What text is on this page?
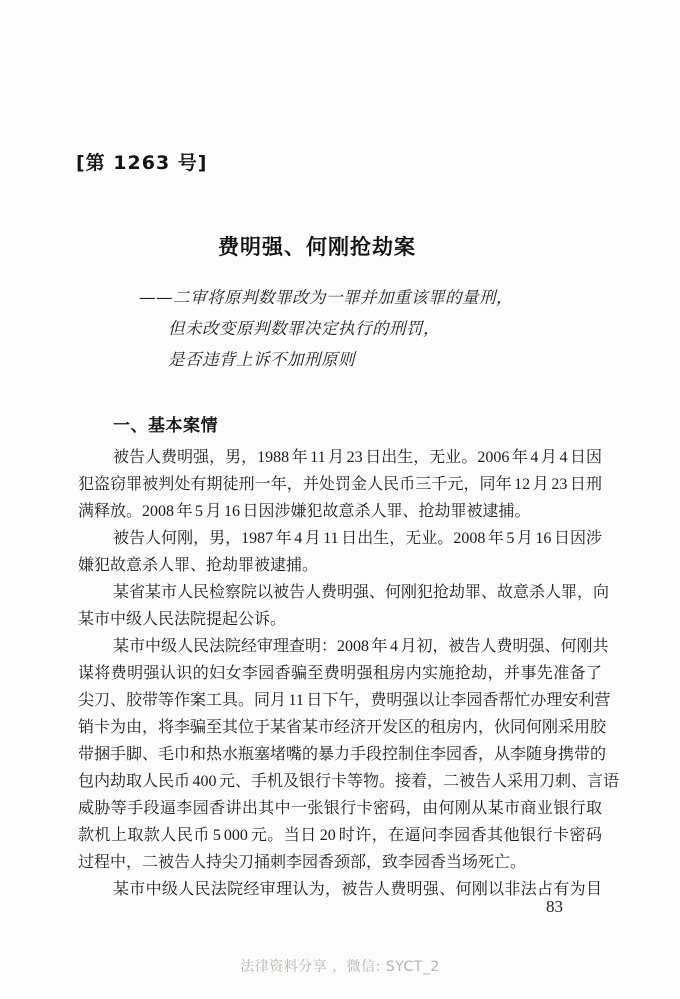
[第 1263 号]
费明强、何刚抢劫案
——二审将原判数罪改为一罪并加重该罪的量刑，
但未改变原判数罪决定执行的刑罚，
是否违背上诉不加刑原则
一、基本案情
被告人费明强，男，1988 年 11 月 23 日出生，无业。2006 年 4 月 4 日因
犯盗窃罪被判处有期徒刑一年，并处罚金人民币三千元，同年 12 月 23 日刑
满释放。2008 年 5 月 16 日因涉嫌犯故意杀人罪、抢劫罪被逮捕。
被告人何刚，男，1987 年 4 月 11 日出生，无业。2008 年 5 月 16 日因涉
嫌犯故意杀人罪、抢劫罪被逮捕。
某省某市人民检察院以被告人费明强、何刚犯抢劫罪、故意杀人罪，向
某市中级人民法院提起公诉。
某市中级人民法院经审理查明：2008 年 4 月初，被告人费明强、何刚共
谋将费明强认识的妇女李园香骗至费明强租房内实施抢劫，并事先准备了
尖刀、胶带等作案工具。同月 11 日下午，费明强以让李园香帮忙办理安利营
销卡为由，将李骗至其位于某省某市经济开发区的租房内，伙同何刚采用胶
带捆手脚、毛巾和热水瓶塞堵嘴的暴力手段控制住李园香，从李随身携带的
包内劫取人民币 400 元、手机及银行卡等物。接着，二被告人采用刀刺、言语
威胁等手段逼李园香讲出其中一张银行卡密码，由何刚从某市商业银行取
款机上取款人民币 5 000 元。当日 20 时许，在逼问李园香其他银行卡密码
过程中，二被告人持尖刀捅刺李园香颈部，致李园香当场死亡。
某市中级人民法院经审理认为，被告人费明强、何刚以非法占有为目
83
法律资料分享 ，微信: SYCT_2
